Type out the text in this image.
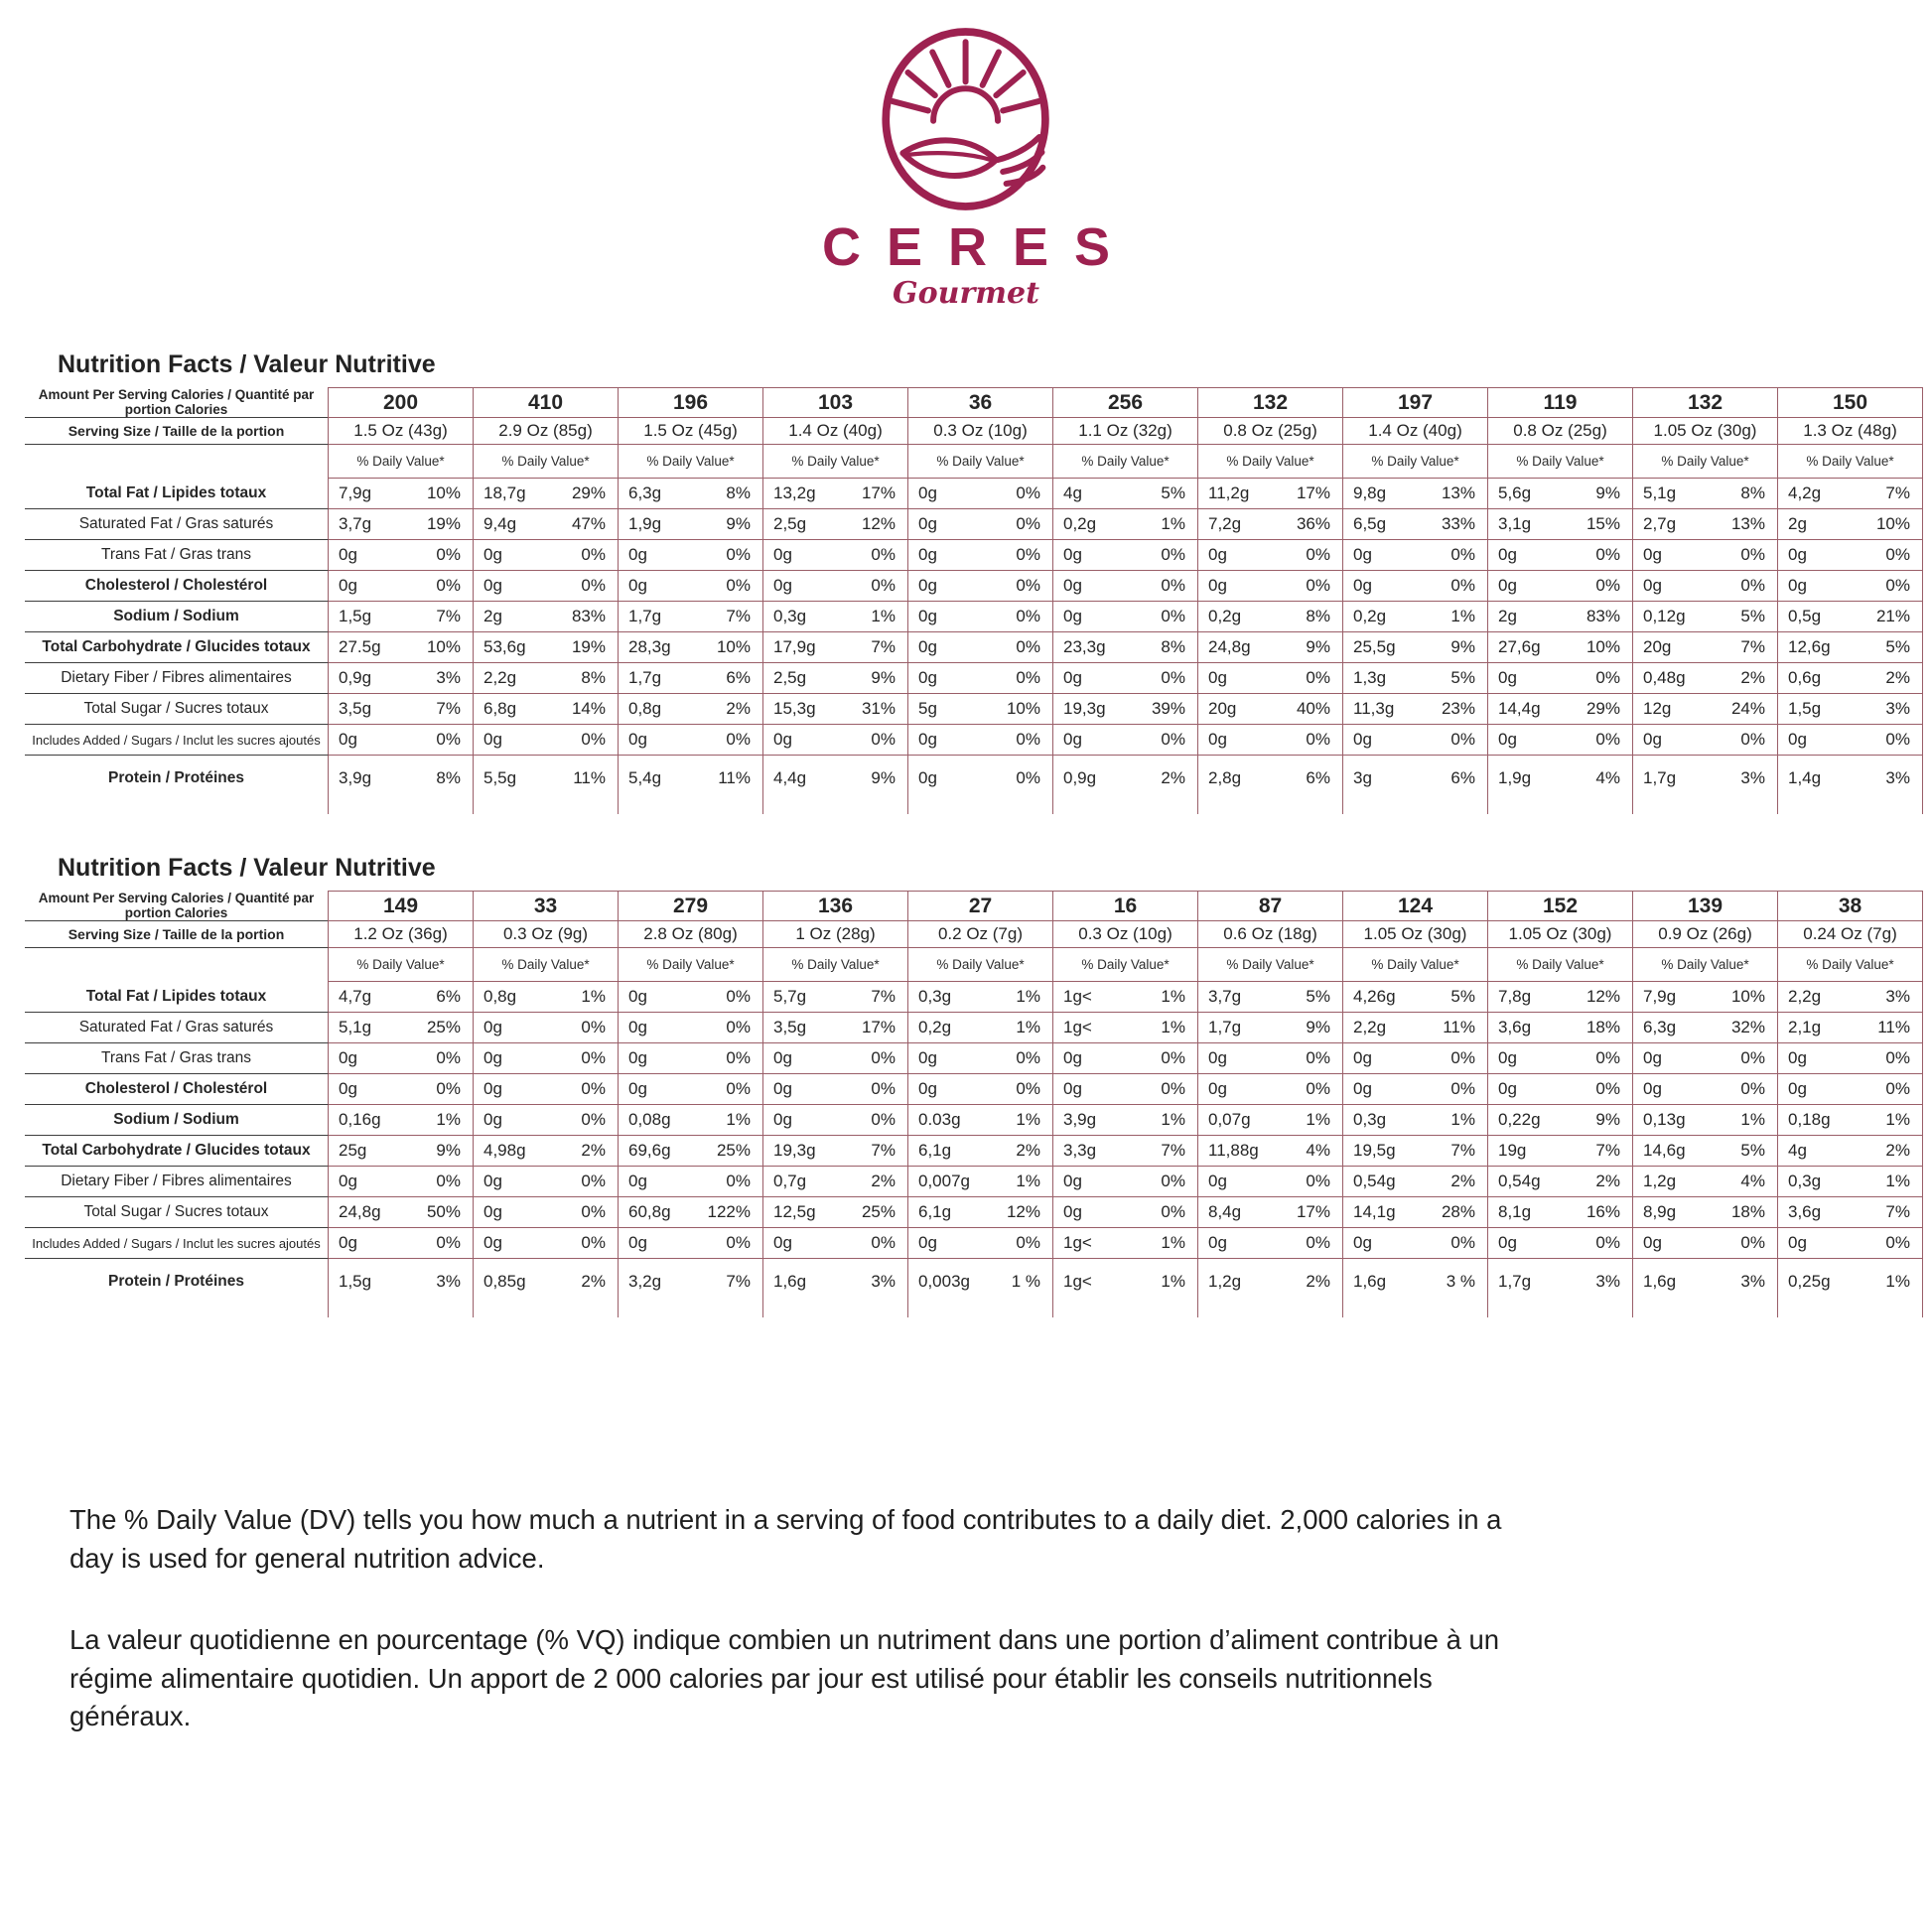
CERES
Gourmet
Nutrition Facts / Valeur Nutritive
Amount Per Serving Calories / Quantité par portion Calories	200	410	196	103	36	256	132	197	119	132	150
Serving Size / Taille de la portion	1.5 Oz (43g)	2.9 Oz (85g)	1.5 Oz (45g)	1.4 Oz (40g)	0.3 Oz (10g)	1.1 Oz (32g)	0.8 Oz (25g)	1.4 Oz (40g)	0.8 Oz (25g)	1.05 Oz (30g)	1.3 Oz (48g)
% Daily Value*	% Daily Value*	% Daily Value*	% Daily Value*	% Daily Value*	% Daily Value*	% Daily Value*	% Daily Value*	% Daily Value*	% Daily Value*	% Daily Value*
Total Fat / Lipides totaux	7,9g	10% 18,7g	29% 6,3g	8% 13,2g	17% 0g	0% 4g	5% 11,2g	17% 9,8g	13% 5,6g	9% 5,1g	8% 4,2g	7%
Saturated Fat / Gras saturés	3,7g	19% 9,4g	47% 1,9g	9% 2,5g	12% 0g	0% 0,2g	1% 7,2g	36% 6,5g	33% 3,1g	15% 2,7g	13% 2g	10%
Trans Fat / Gras trans	0g	0% 0g	0% 0g	0% 0g	0% 0g	0% 0g	0% 0g	0% 0g	0% 0g	0% 0g	0% 0g	0%
Cholesterol / Cholestérol	0g	0% 0g	0% 0g	0% 0g	0% 0g	0% 0g	0% 0g	0% 0g	0% 0g	0% 0g	0% 0g	0%
Sodium / Sodium	1,5g	7% 2g	83% 1,7g	7% 0,3g	1% 0g	0% 0g	0% 0,2g	8% 0,2g	1% 2g	83% 0,12g	5% 0,5g	21%
Total Carbohydrate / Glucides totaux	27.5g	10% 53,6g	19% 28,3g	10% 17,9g	7% 0g	0% 23,3g	8% 24,8g	9% 25,5g	9% 27,6g	10% 20g	7% 12,6g	5%
Dietary Fiber / Fibres alimentaires	0,9g	3% 2,2g	8% 1,7g	6% 2,5g	9% 0g	0% 0g	0% 0g	0% 1,3g	5% 0g	0% 0,48g	2% 0,6g	2%
Total Sugar / Sucres totaux	3,5g	7% 6,8g	14% 0,8g	2% 15,3g	31% 5g	10% 19,3g	39% 20g	40% 11,3g	23% 14,4g	29% 12g	24% 1,5g	3%
Includes Added / Sugars / Inclut les sucres ajoutés	0g	0% 0g	0% 0g	0% 0g	0% 0g	0% 0g	0% 0g	0% 0g	0% 0g	0% 0g	0% 0g	0%
Protein / Protéines	3,9g	8% 5,5g	11% 5,4g	11% 4,4g	9% 0g	0% 0,9g	2% 2,8g	6% 3g	6% 1,9g	4% 1,7g	3% 1,4g	3%
Nutrition Facts / Valeur Nutritive
Amount Per Serving Calories / Quantité par portion Calories	149	33	279	136	27	16	87	124	152	139	38
Serving Size / Taille de la portion	1.2 Oz (36g)	0.3 Oz (9g)	2.8 Oz (80g)	1 Oz (28g)	0.2 Oz (7g)	0.3 Oz (10g)	0.6 Oz (18g)	1.05 Oz (30g)	1.05 Oz (30g)	0.9 Oz (26g)	0.24 Oz (7g)
% Daily Value*	% Daily Value*	% Daily Value*	% Daily Value*	% Daily Value*	% Daily Value*	% Daily Value*	% Daily Value*	% Daily Value*	% Daily Value*	% Daily Value*
Total Fat / Lipides totaux	4,7g	6% 0,8g	1% 0g	0% 5,7g	7% 0,3g	1% 1g<	1% 3,7g	5% 4,26g	5% 7,8g	12% 7,9g	10% 2,2g	3%
Saturated Fat / Gras saturés	5,1g	25% 0g	0% 0g	0% 3,5g	17% 0,2g	1% 1g<	1% 1,7g	9% 2,2g	11% 3,6g	18% 6,3g	32% 2,1g	11%
Trans Fat / Gras trans	0g	0% 0g	0% 0g	0% 0g	0% 0g	0% 0g	0% 0g	0% 0g	0% 0g	0% 0g	0% 0g	0%
Cholesterol / Cholestérol	0g	0% 0g	0% 0g	0% 0g	0% 0g	0% 0g	0% 0g	0% 0g	0% 0g	0% 0g	0% 0g	0%
Sodium / Sodium	0,16g	1% 0g	0% 0,08g	1% 0g	0% 0.03g	1% 3,9g	1% 0,07g	1% 0,3g	1% 0,22g	9% 0,13g	1% 0,18g	1%
Total Carbohydrate / Glucides totaux	25g	9% 4,98g	2% 69,6g	25% 19,3g	7% 6,1g	2% 3,3g	7% 11,88g	4% 19,5g	7% 19g	7% 14,6g	5% 4g	2%
Dietary Fiber / Fibres alimentaires	0g	0% 0g	0% 0g	0% 0,7g	2% 0,007g	1% 0g	0% 0g	0% 0,54g	2% 0,54g	2% 1,2g	4% 0,3g	1%
Total Sugar / Sucres totaux	24,8g	50% 0g	0% 60,8g 122% 12,5g	25% 6,1g	12% 0g	0% 8,4g	17% 14,1g	28% 8,1g	16% 8,9g	18% 3,6g	7%
Includes Added / Sugars / Inclut les sucres ajoutés	0g	0% 0g	0% 0g	0% 0g	0% 0g	0% 1g<	1% 0g	0% 0g	0% 0g	0% 0g	0% 0g	0%
Protein / Protéines	1,5g	3% 0,85g	2% 3,2g	7% 1,6g	3% 0,003g 1 % 1g<	1% 1,2g	2% 1,6g	3 % 1,7g	3% 1,6g	3% 0,25g	1%

The % Daily Value (DV) tells you how much a nutrient in a serving of food contributes to a daily diet. 2,000 calories in a day is used for general nutrition advice.

La valeur quotidienne en pourcentage (% VQ) indique combien un nutriment dans une portion d’aliment contribue à un régime alimentaire quotidien. Un apport de 2 000 calories par jour est utilisé pour établir les conseils nutritionnels généraux.
